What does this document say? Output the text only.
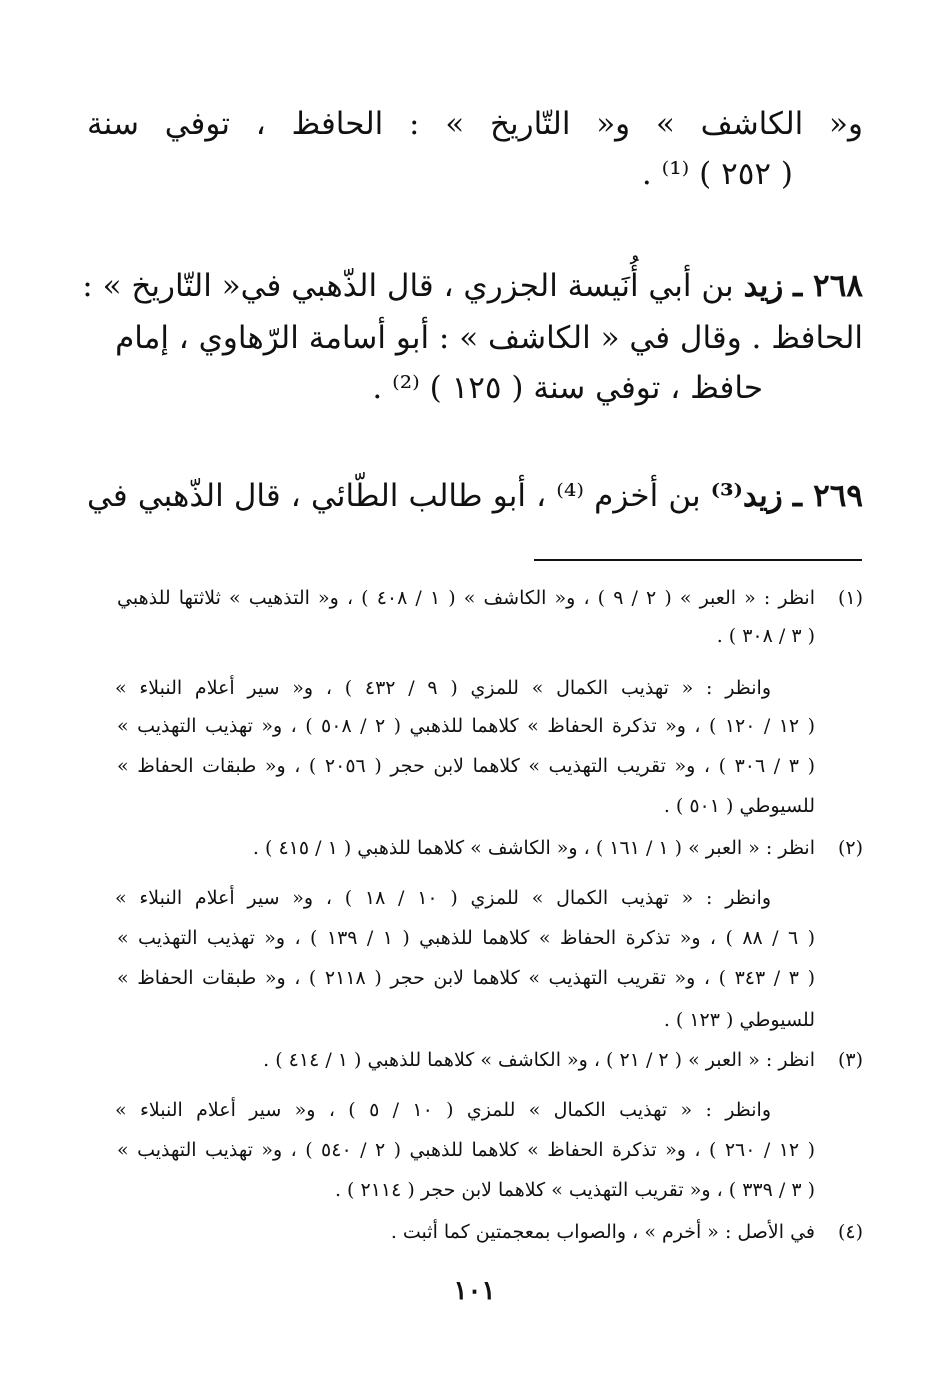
و« الكاشف » و« التّاريخ » : الحافظ ، توفي سنة
( ٢٥٢ ) ⁽¹⁾ .
٢٦٨ ـ زيد بن أبي أُنَيسة الجزري ، قال الذّهبي في« التّاريخ » :
الحافظ . وقال في « الكاشف » : أبو أسامة الرّهاوي ، إمام
حافظ ، توفي سنة ( ١٢٥ ) ⁽²⁾ .
٢٦٩ ـ زيد⁽³⁾ بن أخزم ⁽⁴⁾ ، أبو طالب الطّائي ، قال الذّهبي في
(١)
انظر : « العبر » ( ٢ / ٩ ) ، و« الكاشف » ( ١ / ٤٠٨ ) ، و« التذهيب » ثلاثتها للذهبي
( ٣ / ٣٠٨ ) .
وانظر : « تهذيب الكمال » للمزي ( ٩ / ٤٣٢ ) ، و« سير أعلام النبلاء »
( ١٢ / ١٢٠ ) ، و« تذكرة الحفاظ » كلاهما للذهبي ( ٢ / ٥٠٨ ) ، و« تهذيب التهذيب »
( ٣ / ٣٠٦ ) ، و« تقريب التهذيب » كلاهما لابن حجر ( ٢٠٥٦ ) ، و« طبقات الحفاظ »
للسيوطي ( ٥٠١ ) .
(٢)
انظر : « العبر » ( ١ / ١٦١ ) ، و« الكاشف » كلاهما للذهبي ( ١ / ٤١٥ ) .
وانظر : « تهذيب الكمال » للمزي ( ١٠ / ١٨ ) ، و« سير أعلام النبلاء »
( ٦ / ٨٨ ) ، و« تذكرة الحفاظ » كلاهما للذهبي ( ١ / ١٣٩ ) ، و« تهذيب التهذيب »
( ٣ / ٣٤٣ ) ، و« تقريب التهذيب » كلاهما لابن حجر ( ٢١١٨ ) ، و« طبقات الحفاظ »
للسيوطي ( ١٢٣ ) .
(٣)
انظر : « العبر » ( ٢ / ٢١ ) ، و« الكاشف » كلاهما للذهبي ( ١ / ٤١٤ ) .
وانظر : « تهذيب الكمال » للمزي ( ١٠ / ٥ ) ، و« سير أعلام النبلاء »
( ١٢ / ٢٦٠ ) ، و« تذكرة الحفاظ » كلاهما للذهبي ( ٢ / ٥٤٠ ) ، و« تهذيب التهذيب »
( ٣ / ٣٣٩ ) ، و« تقريب التهذيب » كلاهما لابن حجر ( ٢١١٤ ) .
(٤)
في الأصل : « أخرم » ، والصواب بمعجمتين كما أثبت .
١٠١
